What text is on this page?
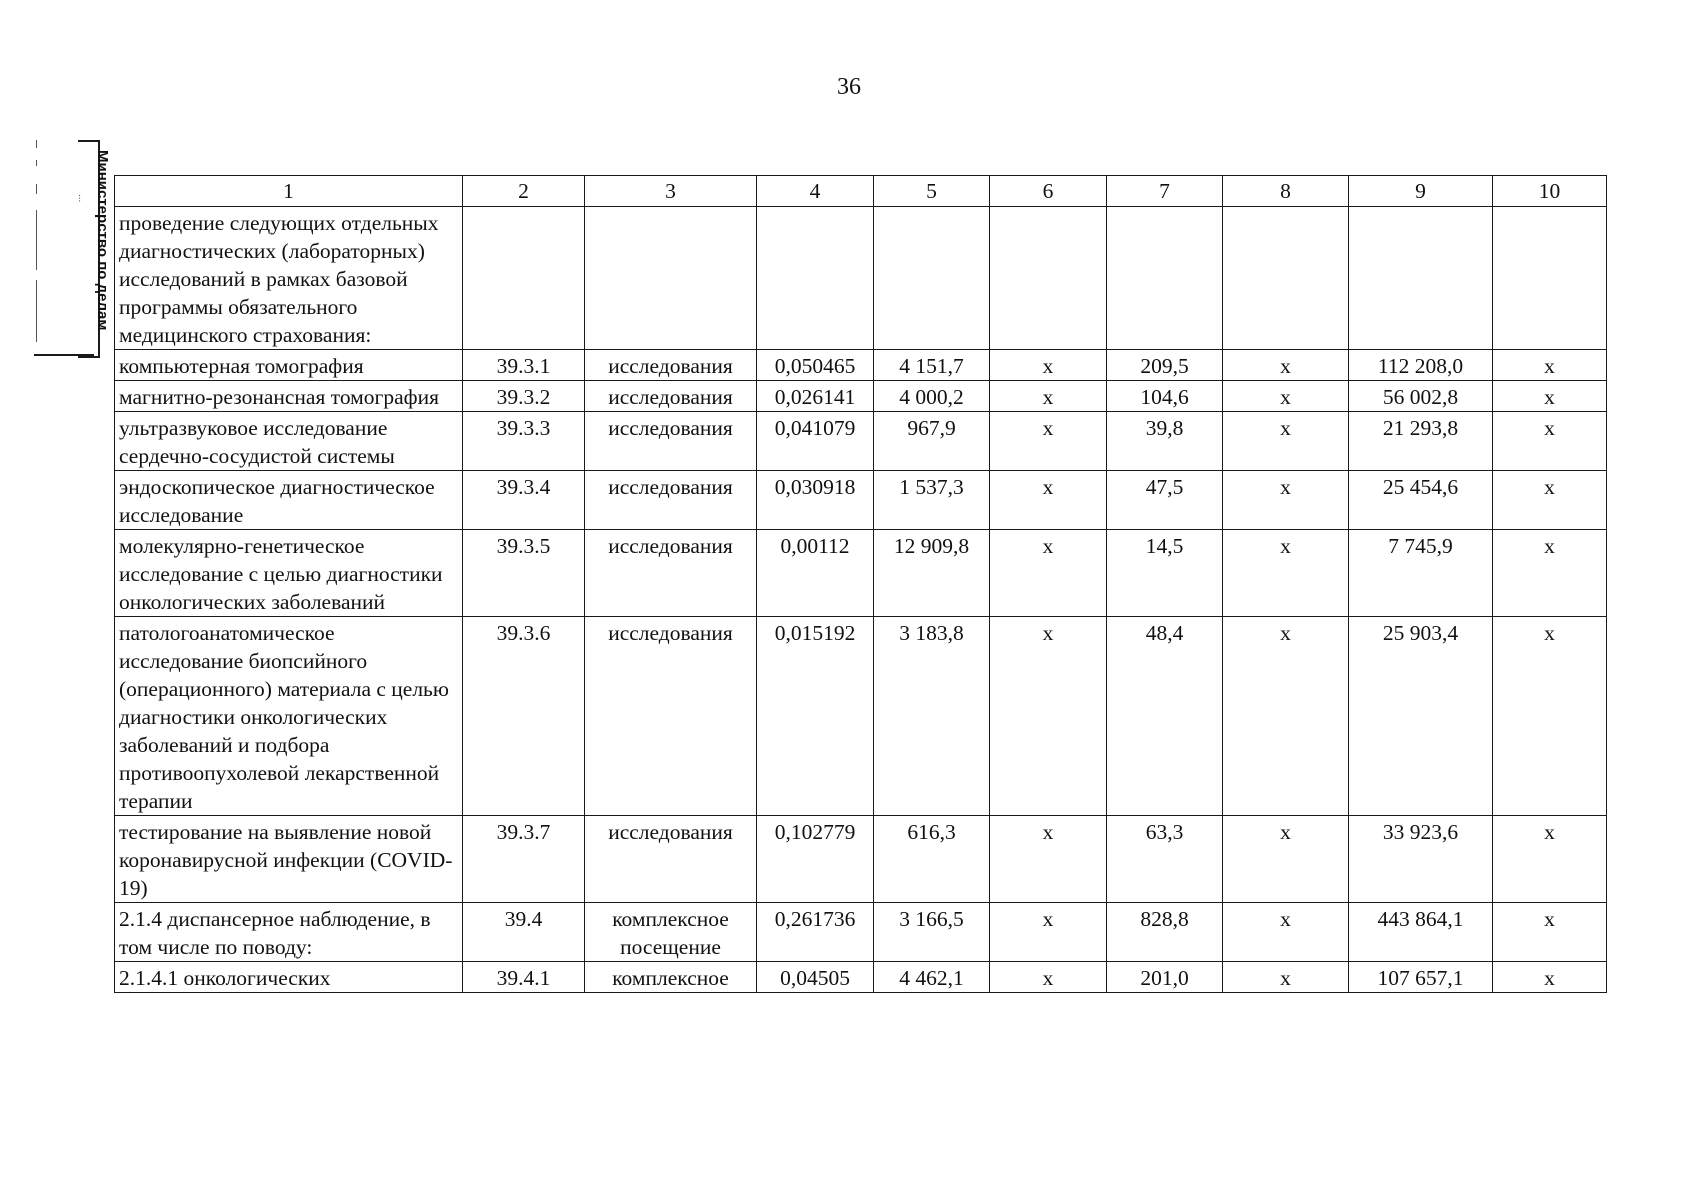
36
Министерство по делам
...	1	2	3	4	5	6	7	8	9	10
проведение следующих отдельных диагностических (лабораторных) исследований в рамках базовой программы обязательного медицинского страхования:									
компьютерная томография	39.3.1	исследования	0,050465	4 151,7	х	209,5	х	112 208,0	х
магнитно-резонансная томография	39.3.2	исследования	0,026141	4 000,2	х	104,6	х	56 002,8	х
ультразвуковое исследование сердечно-сосудистой системы	39.3.3	исследования	0,041079	967,9	х	39,8	х	21 293,8	х
эндоскопическое диагностическое исследование	39.3.4	исследования	0,030918	1 537,3	х	47,5	х	25 454,6	х
молекулярно-генетическое исследование с целью диагностики онкологических заболеваний	39.3.5	исследования	0,00112	12 909,8	х	14,5	х	7 745,9	х
патологоанатомическое исследование биопсийного (операционного) материала с целью диагностики онкологических заболеваний и подбора противоопухолевой лекарственной терапии	39.3.6	исследования	0,015192	3 183,8	х	48,4	х	25 903,4	х
тестирование на выявление новой коронавирусной инфекции (COVID-19)	39.3.7	исследования	0,102779	616,3	х	63,3	х	33 923,6	х
2.1.4 диспансерное наблюдение, в том числе по поводу:	39.4	комплексное посещение	0,261736	3 166,5	х	828,8	х	443 864,1	х
2.1.4.1 онкологических	39.4.1	комплексное	0,04505	4 462,1	х	201,0	х	107 657,1	х
